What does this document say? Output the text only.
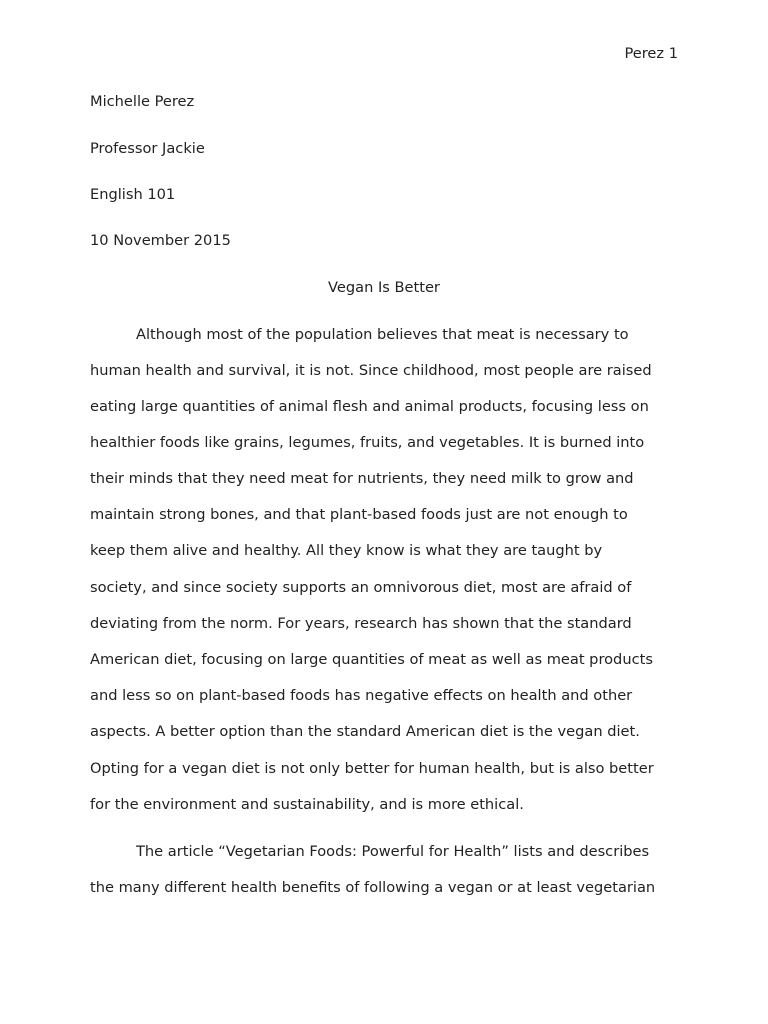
Perez 1
Michelle Perez
Professor Jackie
English 101
10 November 2015
Vegan Is Better
Although most of the population believes that meat is necessary to
human health and survival, it is not. Since childhood, most people are raised
eating large quantities of animal flesh and animal products, focusing less on
healthier foods like grains, legumes, fruits, and vegetables. It is burned into
their minds that they need meat for nutrients, they need milk to grow and
maintain strong bones, and that plant-based foods just are not enough to
keep them alive and healthy. All they know is what they are taught by
society, and since society supports an omnivorous diet, most are afraid of
deviating from the norm. For years, research has shown that the standard
American diet, focusing on large quantities of meat as well as meat products
and less so on plant-based foods has negative effects on health and other
aspects. A better option than the standard American diet is the vegan diet.
Opting for a vegan diet is not only better for human health, but is also better
for the environment and sustainability, and is more ethical.
The article “Vegetarian Foods: Powerful for Health” lists and describes
the many different health benefits of following a vegan or at least vegetarian
